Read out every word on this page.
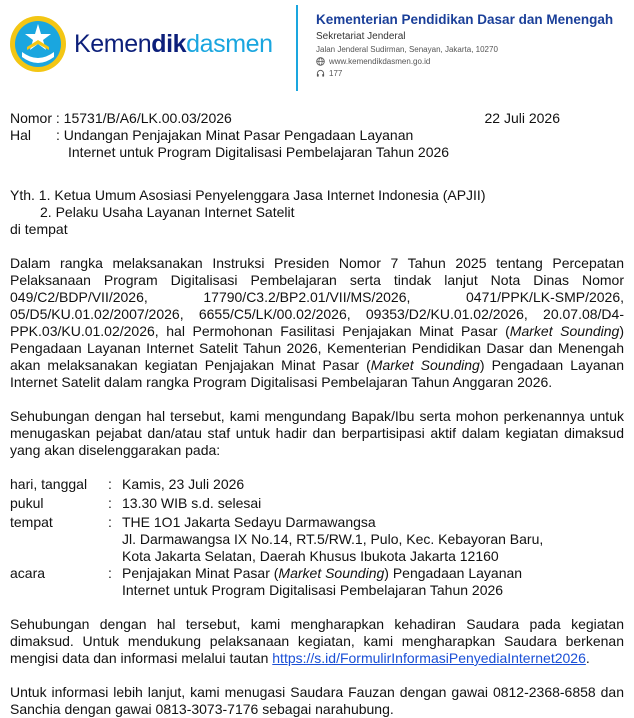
Kemendikdasmen
Kementerian Pendidikan Dasar dan Menengah
Sekretariat Jenderal
Jalan Jenderal Sudirman, Senayan, Jakarta, 10270
www.kemendikdasmen.go.id
177
Nomor : 15731/B/A6/LK.00.03/2026	22 Juli 2026
Hal	: Undangan Penjajakan Minat Pasar Pengadaan Layanan
Internet untuk Program Digitalisasi Pembelajaran Tahun 2026
Yth. 1. Ketua Umum Asosiasi Penyelenggara Jasa Internet Indonesia (APJII)
2. Pelaku Usaha Layanan Internet Satelit
di tempat
Dalam rangka melaksanakan Instruksi Presiden Nomor 7 Tahun 2025 tentang Percepatan Pelaksanaan Program Digitalisasi Pembelajaran serta tindak lanjut Nota Dinas Nomor 049/C2/BDP/VII/2026, 17790/C3.2/BP2.01/VII/MS/2026, 0471/PPK/LK-SMP/2026, 05/D5/KU.01.02/2007/2026, 6655/C5/LK/00.02/2026, 09353/D2/KU.01.02/2026, 20.07.08/D4-PPK.03/KU.01.02/2026, hal Permohonan Fasilitasi Penjajakan Minat Pasar (Market Sounding) Pengadaan Layanan Internet Satelit Tahun 2026, Kementerian Pendidikan Dasar dan Menengah akan melaksanakan kegiatan Penjajakan Minat Pasar (Market Sounding) Pengadaan Layanan Internet Satelit dalam rangka Program Digitalisasi Pembelajaran Tahun Anggaran 2026.
Sehubungan dengan hal tersebut, kami mengundang Bapak/Ibu serta mohon perkenannya untuk menugaskan pejabat dan/atau staf untuk hadir dan berpartisipasi aktif dalam kegiatan dimaksud yang akan diselenggarakan pada:
hari, tanggal	: Kamis, 23 Juli 2026
pukul	: 13.30 WIB s.d. selesai
tempat	: THE 1O1 Jakarta Sedayu Darmawangsa
Jl. Darmawangsa IX No.14, RT.5/RW.1, Pulo, Kec. Kebayoran Baru,
Kota Jakarta Selatan, Daerah Khusus Ibukota Jakarta 12160
acara	: Penjajakan Minat Pasar (Market Sounding) Pengadaan Layanan
Internet untuk Program Digitalisasi Pembelajaran Tahun 2026
Sehubungan dengan hal tersebut, kami mengharapkan kehadiran Saudara pada kegiatan dimaksud. Untuk mendukung pelaksanaan kegiatan, kami mengharapkan Saudara berkenan mengisi data dan informasi melalui tautan https://s.id/FormulirInformasiPenyediaInternet2026.
Untuk informasi lebih lanjut, kami menugasi Saudara Fauzan dengan gawai 0812-2368-6858 dan Sanchia dengan gawai 0813-3073-7176 sebagai narahubung.
